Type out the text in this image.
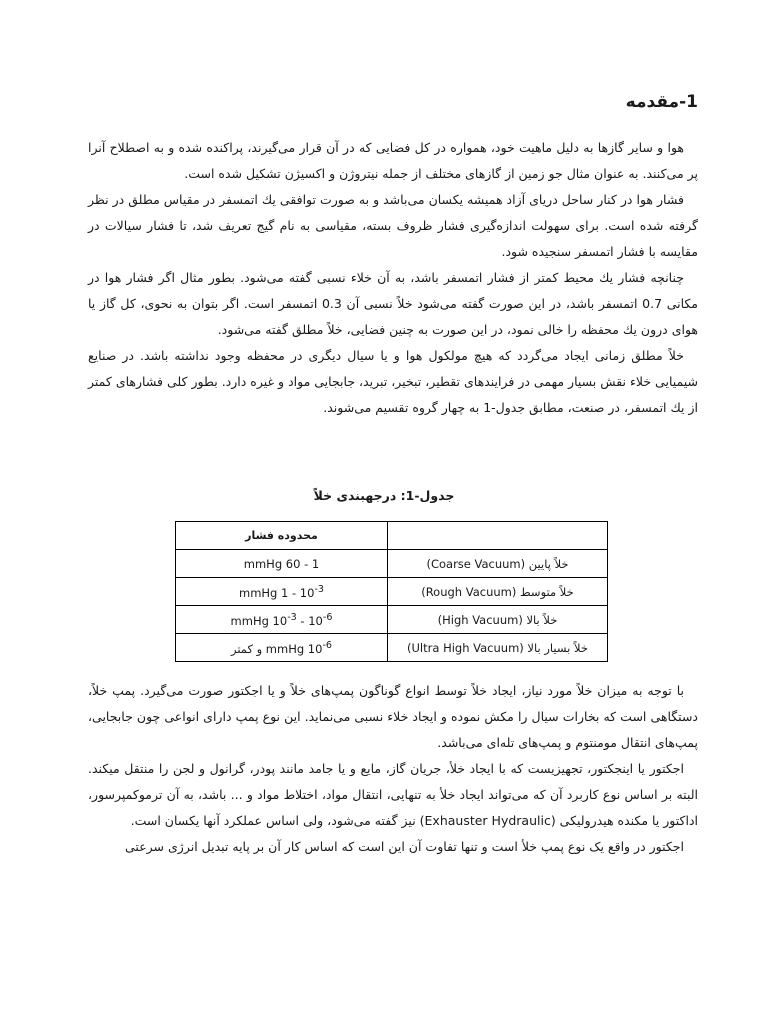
1-مقدمه

هوا و سایر گازها به دلیل ماهیت خود، همواره در کل فضایی که در آن قرار می‌گیرند، پراکنده شده و به اصطلاح آنرا پر می‌کنند. به عنوان مثال جو زمین از گازهای مختلف از جمله نیتروژن و اکسیژن تشکیل شده است.

فشار هوا در کنار ساحل دریای آزاد همیشه یکسان می‌باشد و به صورت توافقی یك اتمسفر در مقیاس مطلق در نظر گرفته شده است. برای سهولت اندازه‌گیری فشار ظروف بسته، مقیاسی به نام گیج تعریف شد، تا فشار سیالات در مقایسه با فشار اتمسفر سنجیده شود.

چنانچه فشار یك محیط كمتر از فشار اتمسفر باشد، به آن خلاء نسبی گفته می‌شود. بطور مثال اگر فشار هوا در مكانی 0.7 اتمسفر باشد، در این صورت گفته می‌شود خلاً نسبی آن 0.3 اتمسفر است. اگر بتوان به نحوی، كل گاز یا هوای درون یك محفظه را خالی نمود، در این صورت به چنین فضایی، خلاً مطلق گفته می‌شود.

خلاً مطلق زمانی ایجاد می‌گردد كه هیچ مولكول هوا و یا سیال دیگری در محفظه وجود نداشته باشد. در صنایع شیمیایی خلاء نقش بسیار مهمی در فرایندهای تقطیر، تبخیر، تبرید، جابجایی مواد و غیره دارد. بطور كلی فشارهای كمتر از یك اتمسفر، در صنعت، مطابق جدول-1 به چهار گروه تقسیم می‌شوند.

جدول-1: درجهبندی خلاً

	محدوده فشار
خلاً پایین (Coarse Vacuum)	mmHg 60 - 1
خلاً متوسط (Rough Vacuum)	mmHg $1 - 10^{-3}$
خلاً بالا (High Vacuum)	mmHg $10^{-3} - 10^{-6}$
خلاً بسیار بالا (Ultra High Vacuum)	mmHg $10^{-6}$ و كمتر

با توجه به میزان خلاً مورد نیاز، ایجاد خلاً توسط انواع گوناگون پمپ‌های خلاً و یا اجكتور صورت می‌گیرد. پمپ خلاً، دستگاهی است كه بخارات سیال را مكش نموده و ایجاد خلاء نسبی می‌نماید. این نوع پمپ دارای انواعی چون جابجایی، پمپ‌های انتقال مومنتوم و پمپ‌های تله‌ای می‌باشد.

اجکتور یا اینجکتور، تجهیزیست که با ایجاد خلأ، جریان گاز، مایع و یا جامد مانند پودر، گرانول و لجن را منتقل میکند. البته بر اساس نوع کاربرد آن که می‌تواند ایجاد خلأ به تنهایی، انتقال مواد، اختلاط مواد و ... باشد، به آن ترموکمپرسور، اداکتور یا مکنده هیدرولیکی (Exhauster Hydraulic) نیز گفته می‌شود، ولی اساس عملکرد آنها یکسان است.

اجکتور در واقع یک نوع پمپ خلأ است و تنها تفاوت آن این است که اساس کار آن بر پایه تبدیل انرژی سرعتی
